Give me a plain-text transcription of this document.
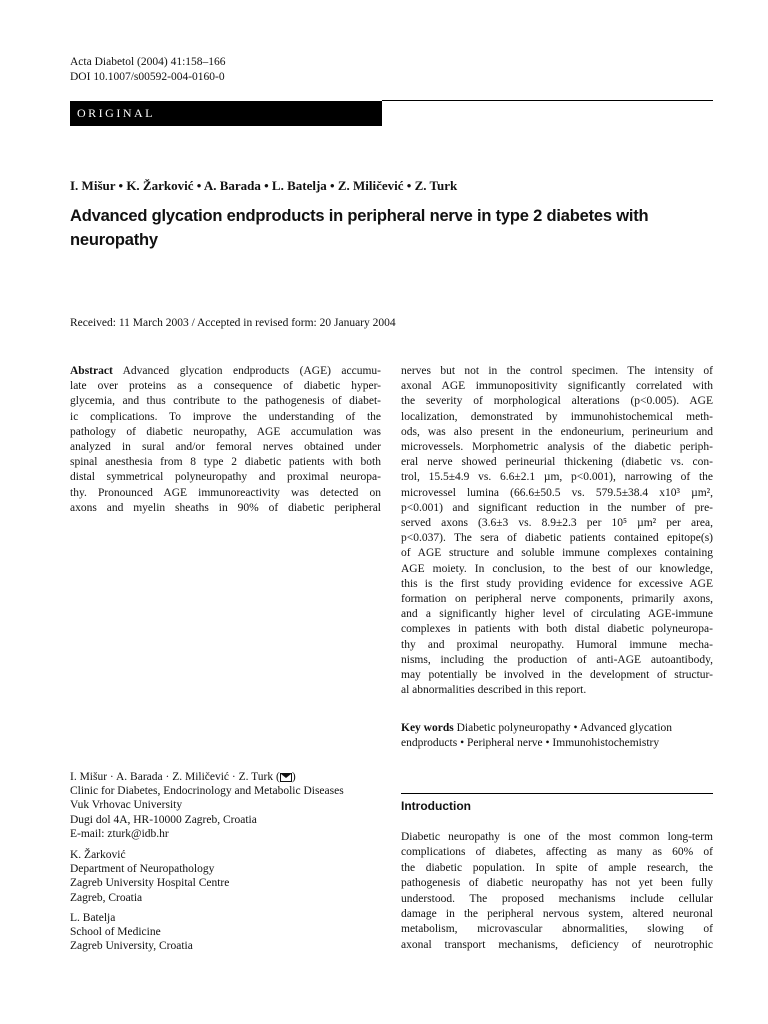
Acta Diabetol (2004) 41:158–166
DOI 10.1007/s00592-004-0160-0
ORIGINAL
I. Mišur • K. Žarković • A. Barada • L. Batelja • Z. Miličević • Z. Turk
Advanced glycation endproducts in peripheral nerve in type 2 diabetes with neuropathy
Received: 11 March 2003 / Accepted in revised form: 20 January 2004
Abstract Advanced glycation endproducts (AGE) accumu-
late over proteins as a consequence of diabetic hyper-
glycemia, and thus contribute to the pathogenesis of diabet-
ic complications. To improve the understanding of the
pathology of diabetic neuropathy, AGE accumulation was
analyzed in sural and/or femoral nerves obtained under
spinal anesthesia from 8 type 2 diabetic patients with both
distal symmetrical polyneuropathy and proximal neuropa-
thy. Pronounced AGE immunoreactivity was detected on
axons and myelin sheaths in 90% of diabetic peripheral
nerves but not in the control specimen. The intensity of
axonal AGE immunopositivity significantly correlated with
the severity of morphological alterations (p<0.005). AGE
localization, demonstrated by immunohistochemical meth-
ods, was also present in the endoneurium, perineurium and
microvessels. Morphometric analysis of the diabetic periph-
eral nerve showed perineurial thickening (diabetic vs. con-
trol, 15.5±4.9 vs. 6.6±2.1 µm, p<0.001), narrowing of the
microvessel lumina (66.6±50.5 vs. 579.5±38.4 x10³ µm²,
p<0.001) and significant reduction in the number of pre-
served axons (3.6±3 vs. 8.9±2.3 per 10⁵ µm² per area,
p<0.037). The sera of diabetic patients contained epitope(s)
of AGE structure and soluble immune complexes containing
AGE moiety. In conclusion, to the best of our knowledge,
this is the first study providing evidence for excessive AGE
formation on peripheral nerve components, primarily axons,
and a significantly higher level of circulating AGE-immune
complexes in patients with both distal diabetic polyneuropa-
thy and proximal neuropathy. Humoral immune mecha-
nisms, including the production of anti-AGE autoantibody,
may potentially be involved in the development of structur-
al abnormalities described in this report.
Key words Diabetic polyneuropathy • Advanced glycation endproducts • Peripheral nerve • Immunohistochemistry
I. Mišur · A. Barada · Z. Miličević · Z. Turk ( )
Clinic for Diabetes, Endocrinology and Metabolic Diseases
Vuk Vrhovac University
Dugi dol 4A, HR-10000 Zagreb, Croatia
E-mail: zturk@idb.hr
K. Žarković
Department of Neuropathology
Zagreb University Hospital Centre
Zagreb, Croatia
L. Batelja
School of Medicine
Zagreb University, Croatia
Introduction
Diabetic neuropathy is one of the most common long-term
complications of diabetes, affecting as many as 60% of
the diabetic population. In spite of ample research, the
pathogenesis of diabetic neuropathy has not yet been fully
understood. The proposed mechanisms include cellular
damage in the peripheral nervous system, altered neuronal
metabolism, microvascular abnormalities, slowing of
axonal transport mechanisms, deficiency of neurotrophic
